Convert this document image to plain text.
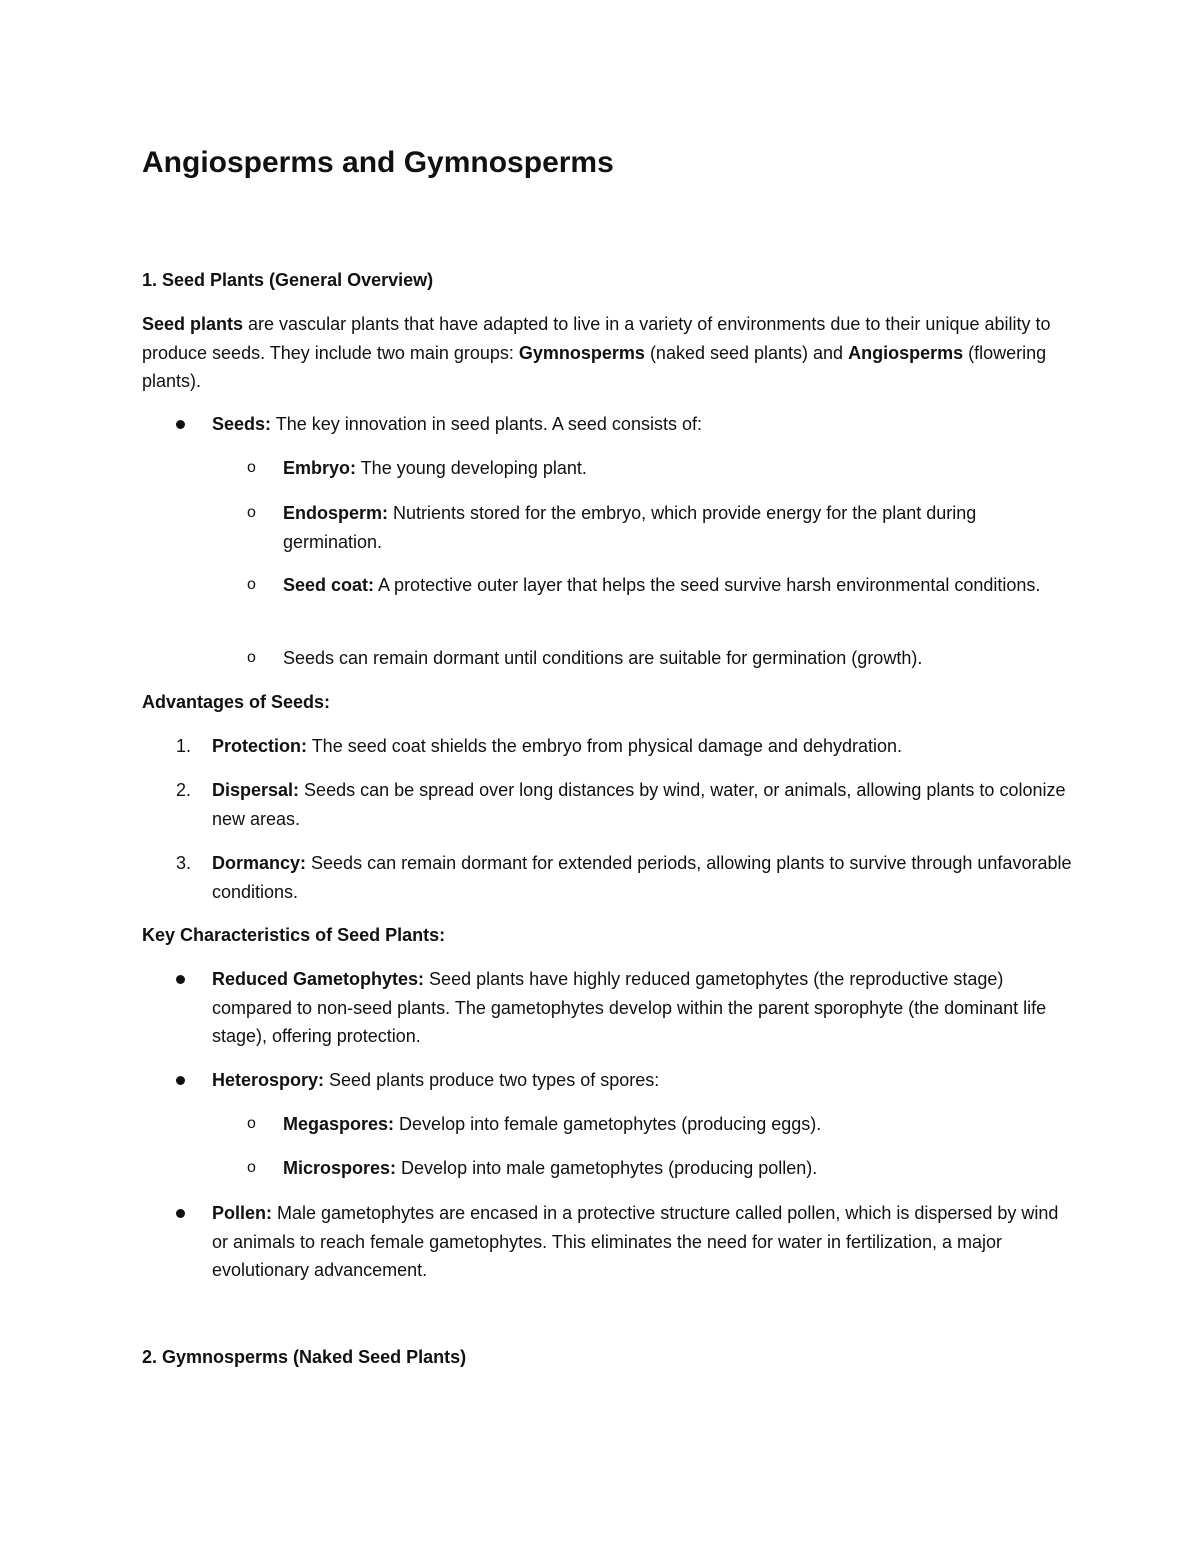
Angiosperms and Gymnosperms
1. Seed Plants (General Overview)

Seed plants are vascular plants that have adapted to live in a variety of environments due to their unique ability to produce seeds. They include two main groups: Gymnosperms (naked seed plants) and Angiosperms (flowering plants).

Seeds: The key innovation in seed plants. A seed consists of:

o Embryo: The young developing plant.

o Endosperm: Nutrients stored for the embryo, which provide energy for the plant during germination.

o Seed coat: A protective outer layer that helps the seed survive harsh environmental conditions.

o Seeds can remain dormant until conditions are suitable for germination (growth).

Advantages of Seeds:
1. Protection: The seed coat shields the embryo from physical damage and dehydration.

2. Dispersal: Seeds can be spread over long distances by wind, water, or animals, allowing plants to colonize new areas.

3. Dormancy: Seeds can remain dormant for extended periods, allowing plants to survive through unfavorable conditions.

Key Characteristics of Seed Plants:

Reduced Gametophytes: Seed plants have highly reduced gametophytes (the reproductive stage) compared to non-seed plants. The gametophytes develop within the parent sporophyte (the dominant life stage), offering protection.

Heterospory: Seed plants produce two types of spores:

o Megaspores: Develop into female gametophytes (producing eggs).

o Microspores: Develop into male gametophytes (producing pollen).

Pollen: Male gametophytes are encased in a protective structure called pollen, which is dispersed by wind or animals to reach female gametophytes. This eliminates the need for water in fertilization, a major evolutionary advancement.

2. Gymnosperms (Naked Seed Plants)
